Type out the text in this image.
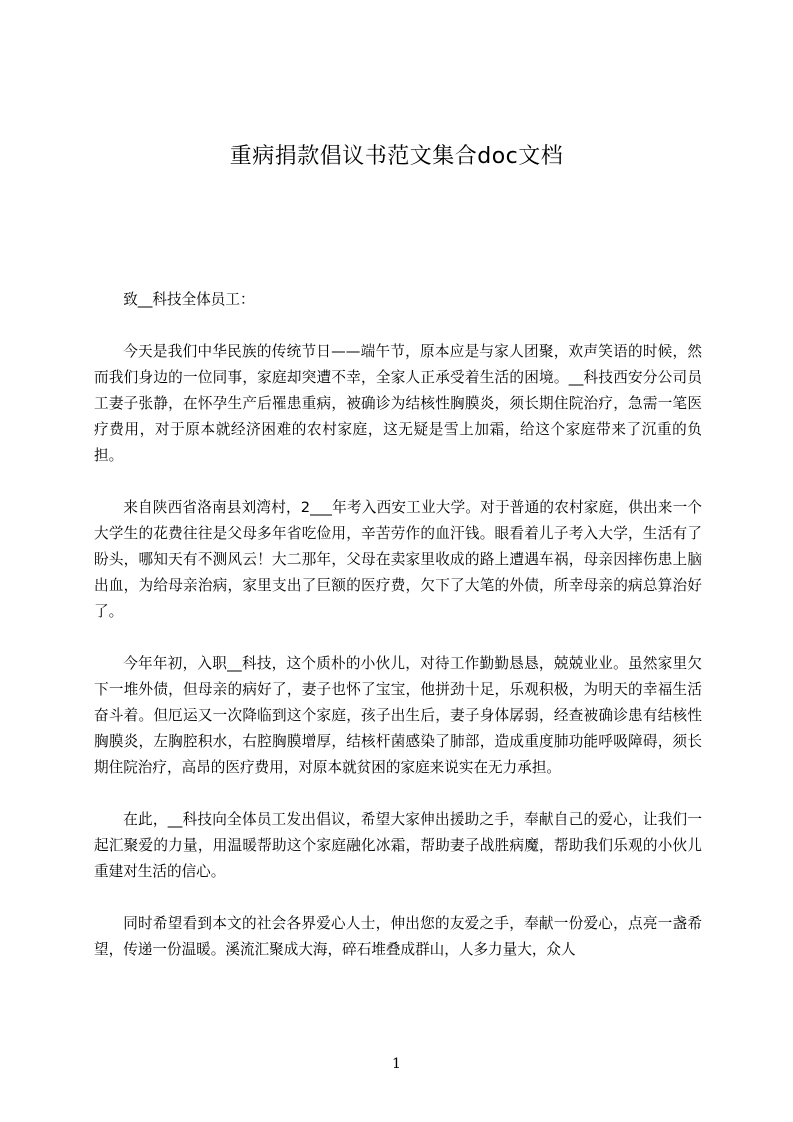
重病捐款倡议书范文集合doc文档

致__科技全体员工：

今天是我们中华民族的传统节日——端午节，原本应是与家人团聚，欢声笑语的时候，然而我们身边的一位同事，家庭却突遭不幸，全家人正承受着生活的困境。__科技西安分公司员工妻子张静，在怀孕生产后罹患重病，被确诊为结核性胸膜炎，须长期住院治疗，急需一笔医疗费用，对于原本就经济困难的农村家庭，这无疑是雪上加霜，给这个家庭带来了沉重的负担。

来自陕西省洛南县刘湾村，2___年考入西安工业大学。对于普通的农村家庭，供出来一个大学生的花费往往是父母多年省吃俭用，辛苦劳作的血汗钱。眼看着儿子考入大学，生活有了盼头，哪知天有不测风云！大二那年，父母在卖家里收成的路上遭遇车祸，母亲因摔伤患上脑出血，为给母亲治病，家里支出了巨额的医疗费，欠下了大笔的外债，所幸母亲的病总算治好了。

今年年初，入职__科技，这个质朴的小伙儿，对待工作勤勤恳恳，兢兢业业。虽然家里欠下一堆外债，但母亲的病好了，妻子也怀了宝宝，他拼劲十足，乐观积极，为明天的幸福生活奋斗着。但厄运又一次降临到这个家庭，孩子出生后，妻子身体孱弱，经查被确诊患有结核性胸膜炎，左胸腔积水，右腔胸膜增厚，结核杆菌感染了肺部，造成重度肺功能呼吸障碍，须长期住院治疗，高昂的医疗费用，对原本就贫困的家庭来说实在无力承担。

在此，__科技向全体员工发出倡议，希望大家伸出援助之手，奉献自己的爱心，让我们一起汇聚爱的力量，用温暖帮助这个家庭融化冰霜，帮助妻子战胜病魔，帮助我们乐观的小伙儿重建对生活的信心。

同时希望看到本文的社会各界爱心人士，伸出您的友爱之手，奉献一份爱心，点亮一盏希望，传递一份温暖。溪流汇聚成大海，碎石堆叠成群山，人多力量大，众人

1
